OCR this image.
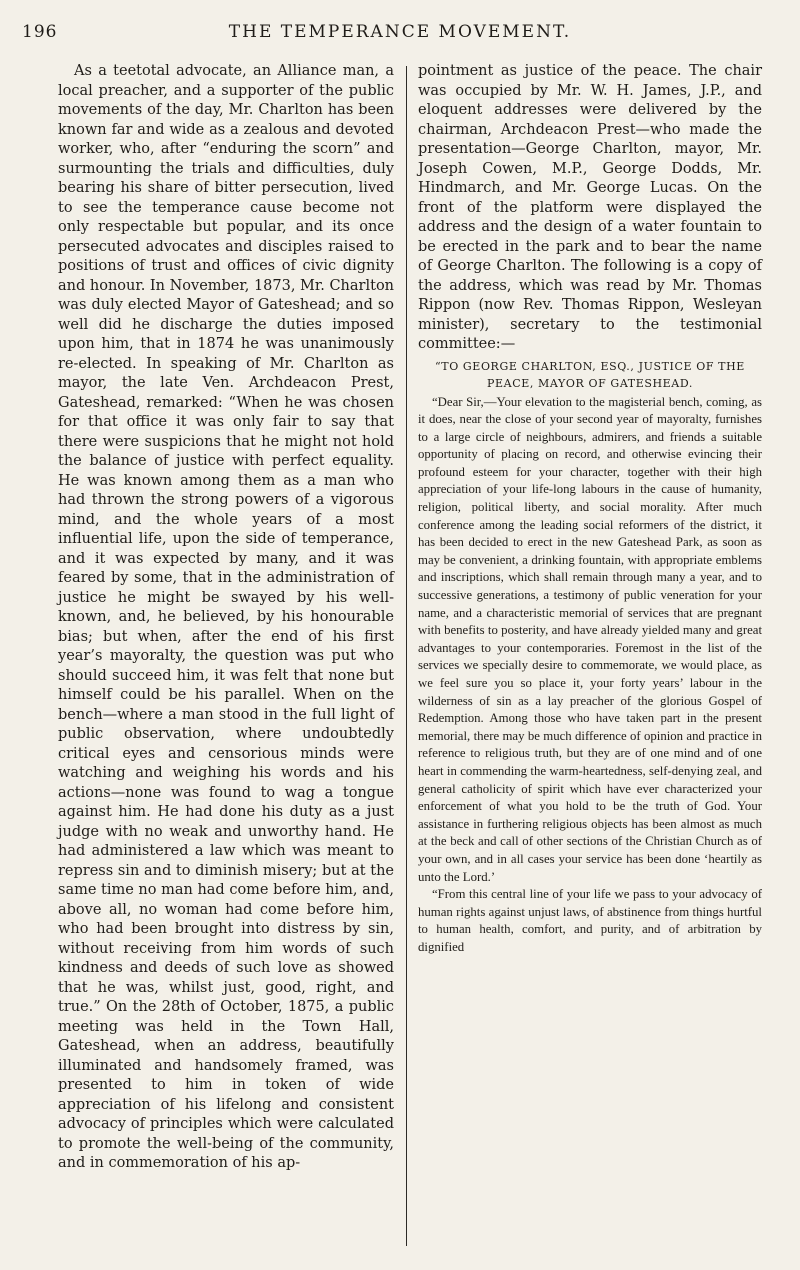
196	THE TEMPERANCE MOVEMENT.

As a teetotal advocate, an Alliance man, a local preacher, and a supporter of the public movements of the day, Mr. Charlton has been known far and wide as a zealous and devoted worker, who, after “enduring the scorn” and surmounting the trials and difficulties, duly bearing his share of bitter persecution, lived to see the temperance cause become not only respectable but popular, and its once persecuted advocates and disciples raised to positions of trust and offices of civic dignity and honour. In November, 1873, Mr. Charlton was duly elected Mayor of Gateshead; and so well did he discharge the duties imposed upon him, that in 1874 he was unanimously re-elected. In speaking of Mr. Charlton as mayor, the late Ven. Archdeacon Prest, Gateshead, remarked: “When he was chosen for that office it was only fair to say that there were suspicions that he might not hold the balance of justice with perfect equality. He was known among them as a man who had thrown the strong powers of a vigorous mind, and the whole years of a most influential life, upon the side of temperance, and it was expected by many, and it was feared by some, that in the administration of justice he might be swayed by his well-known, and, he believed, by his honourable bias; but when, after the end of his first year’s mayoralty, the question was put who should succeed him, it was felt that none but himself could be his parallel. When on the bench—where a man stood in the full light of public observation, where undoubtedly critical eyes and censorious minds were watching and weighing his words and his actions—none was found to wag a tongue against him. He had done his duty as a just judge with no weak and unworthy hand. He had administered a law which was meant to repress sin and to diminish misery; but at the same time no man had come before him, and, above all, no woman had come before him, who had been brought into distress by sin, without receiving from him words of such kindness and deeds of such love as showed that he was, whilst just, good, right, and true.” On the 28th of October, 1875, a public meeting was held in the Town Hall, Gateshead, when an address, beautifully illuminated and handsomely framed, was presented to him in token of wide appreciation of his lifelong and consistent advocacy of principles which were calculated to promote the well-being of the community, and in commemoration of his ap-

pointment as justice of the peace. The chair was occupied by Mr. W. H. James, J.P., and eloquent addresses were delivered by the chairman, Archdeacon Prest—who made the presentation—George Charlton, mayor, Mr. Joseph Cowen, M.P., George Dodds, Mr. Hindmarch, and Mr. George Lucas. On the front of the platform were displayed the address and the design of a water fountain to be erected in the park and to bear the name of George Charlton. The following is a copy of the address, which was read by Mr. Thomas Rippon (now Rev. Thomas Rippon, Wesleyan minister), secretary to the testimonial committee:—

“TO GEORGE CHARLTON, ESQ., JUSTICE OF THE PEACE, MAYOR OF GATESHEAD.

“Dear Sir,—Your elevation to the magisterial bench, coming, as it does, near the close of your second year of mayoralty, furnishes to a large circle of neighbours, admirers, and friends a suitable opportunity of placing on record, and otherwise evincing their profound esteem for your character, together with their high appreciation of your life-long labours in the cause of humanity, religion, political liberty, and social morality. After much conference among the leading social reformers of the district, it has been decided to erect in the new Gateshead Park, as soon as may be convenient, a drinking fountain, with appropriate emblems and inscriptions, which shall remain through many a year, and to successive generations, a testimony of public veneration for your name, and a characteristic memorial of services that are pregnant with benefits to posterity, and have already yielded many and great advantages to your contemporaries. Foremost in the list of the services we specially desire to commemorate, we would place, as we feel sure you so place it, your forty years’ labour in the wilderness of sin as a lay preacher of the glorious Gospel of Redemption. Among those who have taken part in the present memorial, there may be much difference of opinion and practice in reference to religious truth, but they are of one mind and of one heart in commending the warm-heartedness, self-denying zeal, and general catholicity of spirit which have ever characterized your enforcement of what you hold to be the truth of God. Your assistance in furthering religious objects has been almost as much at the beck and call of other sections of the Christian Church as of your own, and in all cases your service has been done ‘heartily as unto the Lord.’

“From this central line of your life we pass to your advocacy of human rights against unjust laws, of abstinence from things hurtful to human health, comfort, and purity, and of arbitration by dignified
